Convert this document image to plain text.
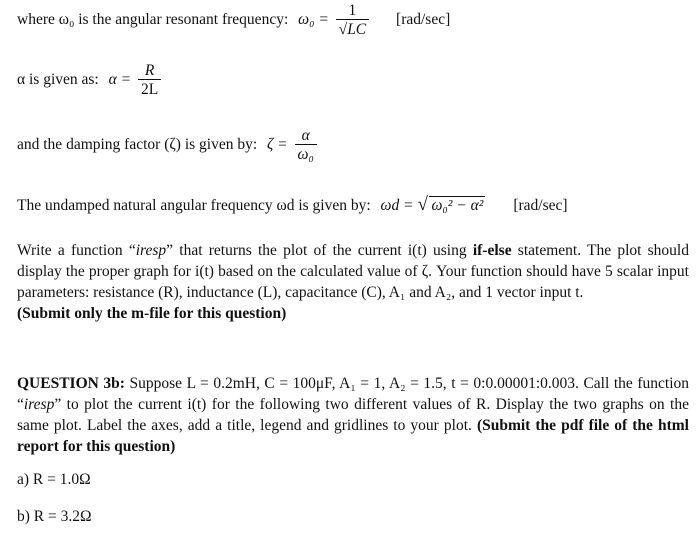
where ω₀ is the angular resonant frequency: $\omega_0 = \frac{1}{√LC} [rad/\sec]$
α is given as: $\alpha = \frac{R}{2L}$
and the damping factor (ζ) is given by: $\zeta = \frac{\alpha}{\text{ω₀}}$
The undamped natural angular frequency ωd is given by: ωd = √ ω₀² − α² [rad/sec]
Write a function “iresp” that returns the plot of the current i(t) using if-else statement. The plot should display the proper graph for i(t) based on the calculated value of ζ. Your function should have 5 scalar input parameters: resistance (R), inductance (L), capacitance (C), A₁ and A₂, and 1 vector input t.
(Submit only the m-file for this question)
QUESTION 3b: Suppose L = 0.2mH, C = 100μF, A₁ = 1, A₂ = 1.5, t = 0:0.00001:0.003. Call the function “iresp” to plot the current i(t) for the following two different values of R. Display the two graphs on the same plot. Label the axes, add a title, legend and gridlines to your plot. (Submit the pdf file of the html report for this question)
a) R = 1.0Ω
b) R = 3.2Ω
